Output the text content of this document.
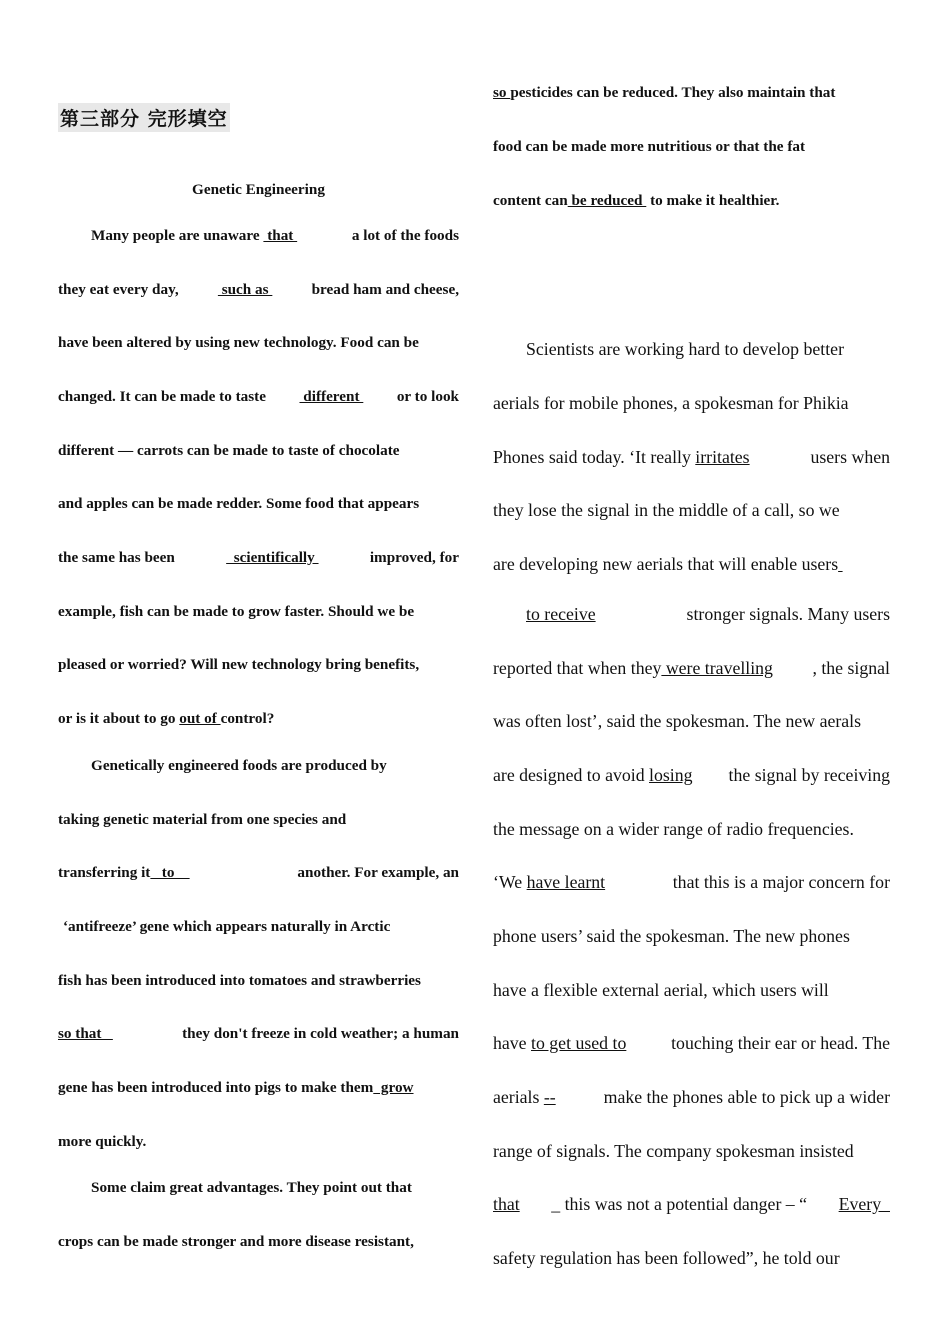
第三部分 完形填空
Genetic Engineering
Many people are unaware  that	a lot of the foods
they eat every day,	such as	bread ham and cheese,
have been altered by using new technology. Food can be
changed. It can be made to taste different or to look
different — carrots can be made to taste of chocolate
and apples can be made redder. Some food that appears
the same has been	scientifically	improved, for
example, fish can be made to grow faster. Should we be
pleased or worried? Will new technology bring benefits,
or is it about to go out of control?
Genetically engineered foods are produced by
taking genetic material from one species and
transferring it   to	another. For example, an
‘antifreeze’ gene which appears naturally in Arctic
fish has been introduced into tomatoes and strawberries
so that	they don't freeze in cold weather; a human
gene has been introduced into pigs to make them  grow
more quickly.
Some claim great advantages. They point out that
crops can be made stronger and more disease resistant,
so pesticides can be reduced. They also maintain that
food can be made more nutritious or that the fat
content can be reduced  to make it healthier.
Scientists are working hard to develop better
aerials for mobile phones, a spokesman for Phikia
Phones said today. ‘It really irritates	users when
they lose the signal in the middle of a call, so we
are developing new aerials that will enable users
to receive	stronger signals. Many users
reported that when they were travelling , the signal
was often lost’, said the spokesman. The new aerals
are designed to avoid losing the signal by receiving
the message on a wider range of radio frequencies.
‘We have learnt	that this is a major concern for
phone users’ said the spokesman. The new phones
have a flexible external aerial, which users will
have to get used to	touching their ear or head. The
aerials --	make the phones able to pick up a wider
range of signals. The company spokesman insisted
that _ this was not a potential danger – “ Every
safety regulation has been followed”, he told our
